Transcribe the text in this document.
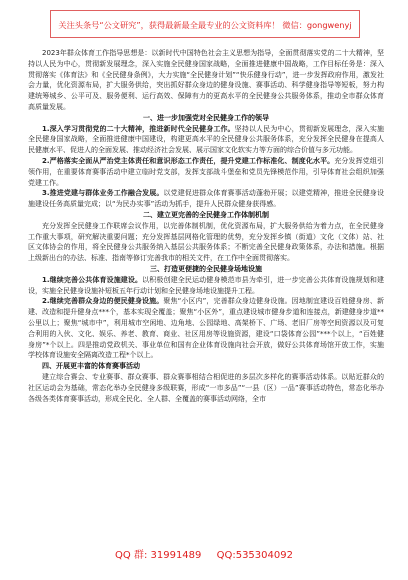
关注头条号“公文研究”，获得最新最全最专业的公文资料库！ 微信：gongwenyj

2023年群众体育工作指导思想是：以新时代中国特色社会主义思想为指导，全面贯彻落实党的二十大精神，坚持以人民为中心，贯彻新发展理念，深入实施全民健身国家战略，全面推进健康中国战略，工作目标任务是：深入贯彻落实《体育法》和《全民健身条例》，大力实施“全民健身计划”“快乐健身行动”，进一步发挥政府作用，激发社会力量，优化资源布局，扩大服务供给，突出抓好群众身边的健身设施、赛事活动、科学健身指导等短板，努力构建统筹城乡、公平可及、服务便利、运行高效、保障有力的更高水平的全民健身公共服务体系，推动全市群众体育高质量发展。

一、进一步加强党对全民健身工作的领导

1.深入学习贯彻党的二十大精神，推进新时代全民健身工作。坚持以人民为中心，贯彻新发展理念，深入实施全民健身国家战略，全面推进健康中国建设，构建更高水平的全民健身公共服务体系，充分发挥全民健身在提高人民健康水平、促进人的全面发展、推动经济社会发展、展示国家文化软实力等方面的综合价值与多元功能。

2.严格落实全面从严治党主体责任和意识形态工作责任，提升党建工作标准化、制度化水平。充分发挥党组引领作用，在重要体育赛事活动中建立临时党支部，发挥支部战斗堡垒和党员先锋模范作用，引导体育社会组织加强党建工作。

3.推进党建与群体业务工作融合发展。以党建促进群众体育赛事活动蓬勃开展；以建党精神，推进全民健身设施建设任务高质量完成；以“为民办实事”活动为抓手，提升人民群众健身获得感。

二、建立更完善的全民健身工作体制机制

充分发挥全民健身工作联席会议作用，以完善体制机制，优化资源布局，扩大服务供给为着力点，在全民健身工作重大事项，研究解决重要问题；充分发挥基层网格化管理的优势，充分发挥乡镇（街道）文化（文体）站、社区文体协会的作用，将全民健身公共服务纳入基层公共服务体系；不断完善全民健身政策体系，办法和措施。根据上级新出台的办法、标准、指南等修订完善我市的相关文件，在工作中全面贯彻落实。

三、打造更便捷的全民健身场地设施

1.继续完善公共体育设施建设。以积极创建全民运动健身模范市县为牵引，进一步完善公共体育设施规划和建设，实施全民健身设施补短板五年行动计划和全民健身场地设施提升工程。

2.继续完善群众身边的便民健身设施。聚焦“小区内”，完善群众身边健身设施。因地制宜建设百姓健身房、新建、改造和提升健身点***个，基本实现全覆盖；聚焦“小区外”，重点建设城市健身步道和连接点，新建健身步道**公里以上；聚焦“城市中”，利用城市空闲地、边角地、公园绿地、高架桥下、广场、老旧厂房等空间资源以及可复合利用的入伙、文化、娱乐、养老、教育、商业、社区用房等设施资源，建设“口袋体育公园”***个以上，“百姓健身房”*个以上。四是推动党政机关、事业单位和国有企业体育设施向社会开放，做好公共体育场馆开放工作，实施学校体育设施安全隔离改造工程*个以上。

四、开展更丰富的体育赛事活动

建立综合赛会、专业赛事、群众赛事、群众赛事相结合相促进的多层次多样化的赛事活动体系。以贴近群众的社区运动会为基础，常态化举办全民健身多级联赛，形成“一市多品”“一县（区）一品”赛事活动特色，常态化举办各级各类体育赛事活动，形成全民化、全人群、全覆盖的赛事活动网络，全市

QQ 群: 31991489 QQ:535304092
